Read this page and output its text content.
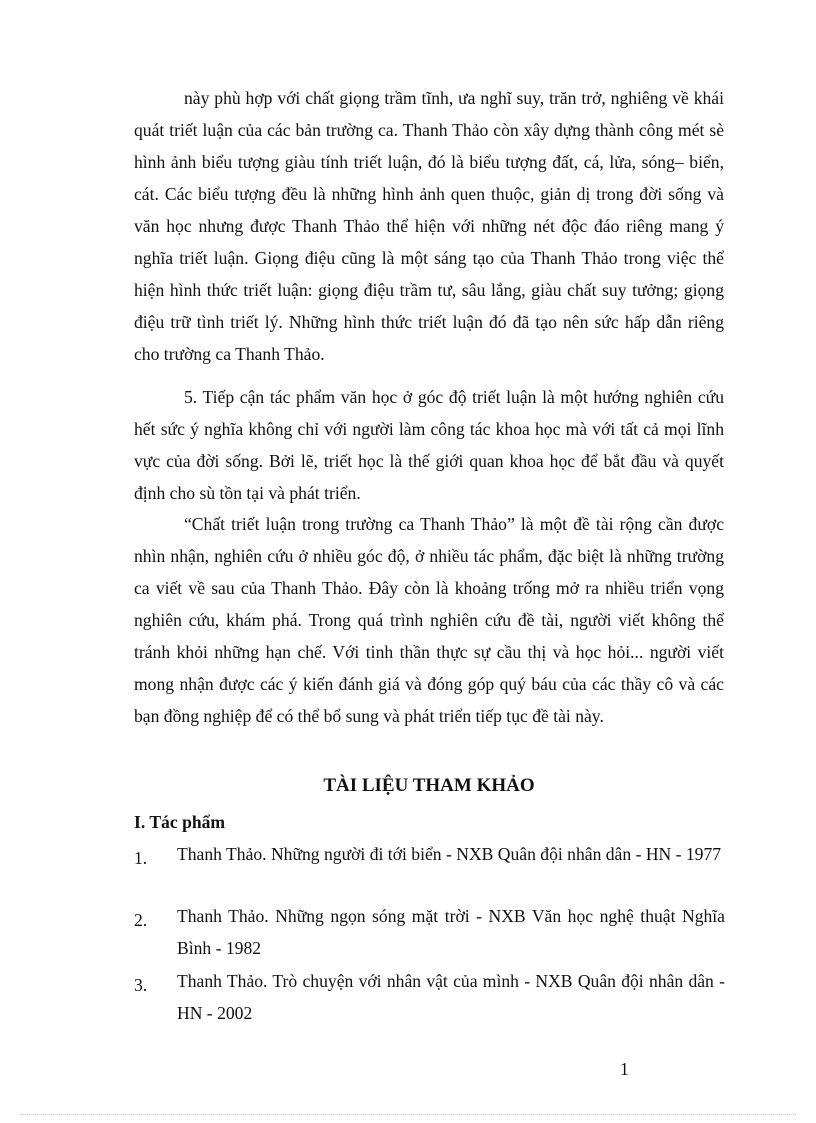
này phù hợp với chất giọng trầm tĩnh, ưa nghĩ suy, trăn trở, nghiêng về khái quát triết luận của các bản trường ca. Thanh Thảo còn xây dựng thành công mét sè hình ảnh biểu tượng giàu tính triết luận, đó là biểu tượng đất, cá, lửa, sóng– biển, cát. Các biểu tượng đều là những hình ảnh quen thuộc, giản dị trong đời sống và văn học nhưng được Thanh Thảo thể hiện với những nét độc đáo riêng mang ý nghĩa triết luận. Giọng điệu cũng là một sáng tạo của Thanh Thảo trong việc thể hiện hình thức triết luận: giọng điệu trầm tư, sâu lắng, giàu chất suy tưởng; giọng điệu trữ tình triết lý. Những hình thức triết luận đó đã tạo nên sức hấp dẫn riêng cho trường ca Thanh Thảo.

5. Tiếp cận tác phẩm văn học ở góc độ triết luận là một hướng nghiên cứu hết sức ý nghĩa không chỉ với người làm công tác khoa học mà với tất cả mọi lĩnh vực của đời sống. Bởi lẽ, triết học là thế giới quan khoa học để bắt đầu và quyết định cho sù tồn tại và phát triển.

“Chất triết luận trong trường ca Thanh Thảo” là một đề tài rộng cần được nhìn nhận, nghiên cứu ở nhiều góc độ, ở nhiều tác phẩm, đặc biệt là những trường ca viết về sau của Thanh Thảo. Đây còn là khoảng trống mở ra nhiều triển vọng nghiên cứu, khám phá. Trong quá trình nghiên cứu đề tài, người viết không thể tránh khỏi những hạn chế. Với tinh thần thực sự cầu thị và học hỏi... người viết mong nhận được các ý kiến đánh giá và đóng góp quý báu của các thầy cô và các bạn đồng nghiệp để có thể bổ sung và phát triển tiếp tục đề tài này.

TÀI LIỆU THAM KHẢO
I. Tác phẩm
1.	Thanh Thảo. Những người đi tới biển - NXB Quân đội nhân dân - HN - 1977
2.	Thanh Thảo. Những ngọn sóng mặt trời - NXB Văn học nghệ thuật Nghĩa Bình - 1982
3.	Thanh Thảo. Trò chuyện với nhân vật của mình - NXB Quân đội nhân dân - HN - 2002
1
